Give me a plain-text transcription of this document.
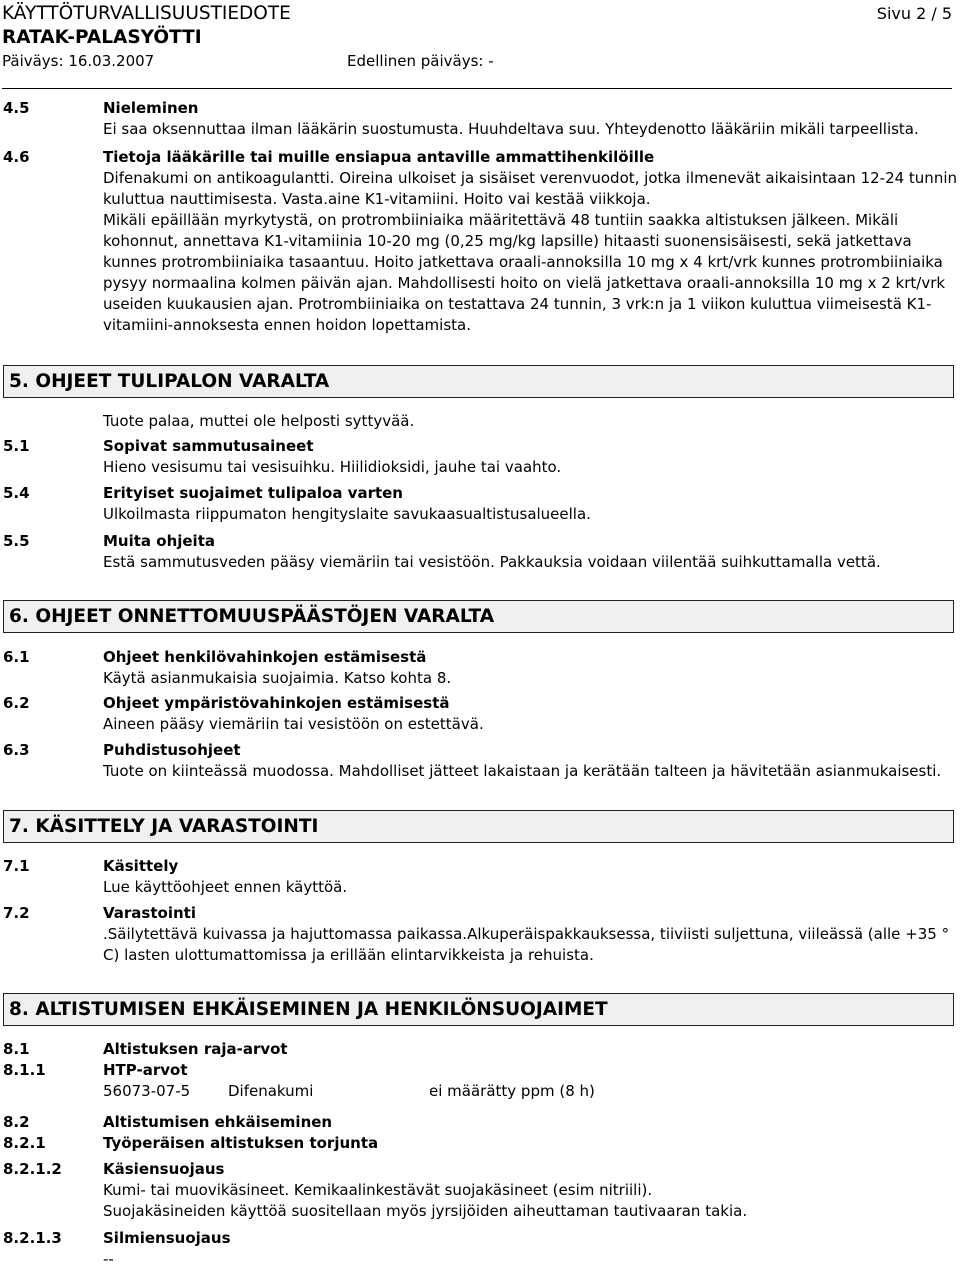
KÄYTTÖTURVALLISUUSTIEDOTE	Sivu 2 / 5
RATAK-PALASYÖTTI
Päiväys: 16.03.2007	Edellinen päiväys: -
4.5	Nieleminen
Ei saa oksennuttaa ilman lääkärin suostumusta. Huuhdeltava suu. Yhteydenotto lääkäriin mikäli tarpeellista.
4.6	Tietoja lääkärille tai muille ensiapua antaville ammattihenkilöille
Difenakumi on antikoagulantti. Oireina ulkoiset ja sisäiset verenvuodot, jotka ilmenevät aikaisintaan 12-24 tunnin kuluttua nauttimisesta. Vasta.aine K1-vitamiini. Hoito vai kestää viikkoja.
Mikäli epäillään myrkytystä, on protrombiiniaika määritettävä 48 tuntiin saakka altistuksen jälkeen. Mikäli kohonnut, annettava K1-vitamiinia 10-20 mg (0,25 mg/kg lapsille) hitaasti suonensisäisesti, sekä jatkettava kunnes protrombiiniaika tasaantuu. Hoito jatkettava oraali-annoksilla 10 mg x 4 krt/vrk kunnes protrombiiniaika pysyy normaalina kolmen päivän ajan. Mahdollisesti hoito on vielä jatkettava oraali-annoksilla 10 mg x 2 krt/vrk useiden kuukausien ajan. Protrombiiniaika on testattava 24 tunnin, 3 vrk:n ja 1 viikon kuluttua viimeisestä K1-vitamiini-annoksesta ennen hoidon lopettamista.
5. OHJEET TULIPALON VARALTA
Tuote palaa, muttei ole helposti syttyvää.
5.1	Sopivat sammutusaineet
Hieno vesisumu tai vesisuihku. Hiilidioksidi, jauhe tai vaahto.
5.4	Erityiset suojaimet tulipaloa varten
Ulkoilmasta riippumaton hengityslaite savukaasualtistusalueella.
5.5	Muita ohjeita
Estä sammutusveden pääsy viemäriin tai vesistöön. Pakkauksia voidaan viilentää suihkuttamalla vettä.
6. OHJEET ONNETTOMUUSPÄÄSTÖJEN VARALTA
6.1	Ohjeet henkilövahinkojen estämisestä
Käytä asianmukaisia suojaimia. Katso kohta 8.
6.2	Ohjeet ympäristövahinkojen estämisestä
Aineen pääsy viemäriin tai vesistöön on estettävä.
6.3	Puhdistusohjeet
Tuote on kiinteässä muodossa. Mahdolliset jätteet lakaistaan ja kerätään talteen ja hävitetään asianmukaisesti.
7. KÄSITTELY JA VARASTOINTI
7.1	Käsittely
Lue käyttöohjeet ennen käyttöä.
7.2	Varastointi
.Säilytettävä kuivassa ja hajuttomassa paikassa.Alkuperäispakkauksessa, tiiviisti suljettuna, viileässä (alle +35 ° C) lasten ulottumattomissa ja erillään elintarvikkeista ja rehuista.
8. ALTISTUMISEN EHKÄISEMINEN JA HENKILÖNSUOJAIMET
8.1	Altistuksen raja-arvot
8.1.1	HTP-arvot
56073-07-5	Difenakumi	ei määrätty ppm (8 h)
8.2	Altistumisen ehkäiseminen
8.2.1	Työperäisen altistuksen torjunta
8.2.1.2	Käsiensuojaus
Kumi- tai muovikäsineet. Kemikaalinkestävät suojakäsineet (esim nitriili).
Suojakäsineiden käyttöä suositellaan myös jyrsijöiden aiheuttaman tautivaaran takia.
8.2.1.3	Silmiensuojaus
--
